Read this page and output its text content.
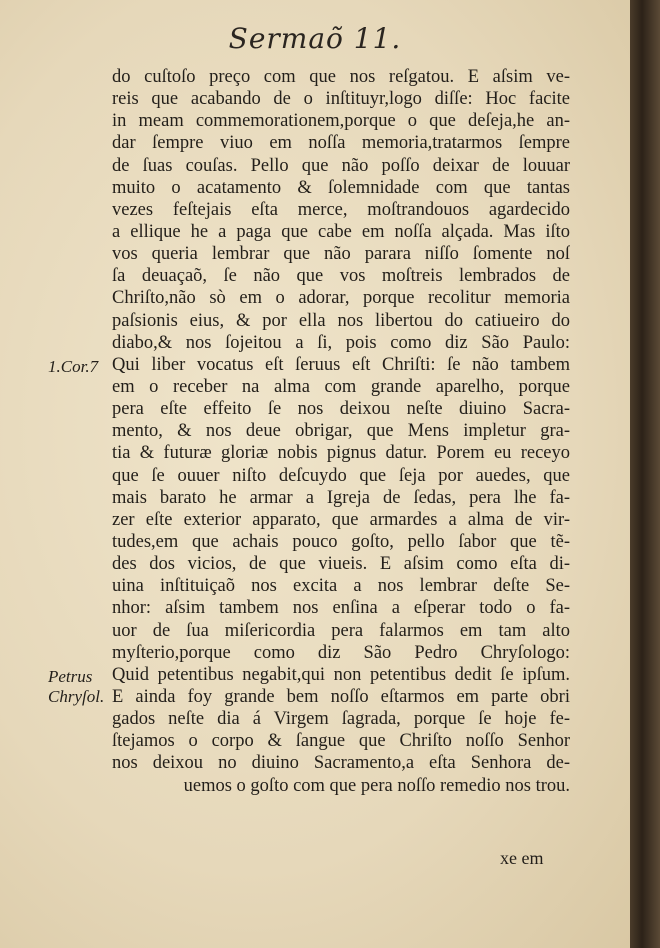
Sermaõ 11.
1.Cor.7
Petrus
Chryſol.
do cuſtoſo preço com que nos reſgatou. E aſsim ve-
reis que acabando de o inſtituyr,logo diſſe: Hoc facite
in meam commemorationem,porque o que deſeja,he an-
dar ſempre viuo em noſſa memoria,tratarmos ſempre
de ſuas couſas. Pello que não poſſo deixar de louuar
muito o acatamento & ſolemnidade com que tantas
vezes feſtejais eſta merce, moſtrandouos agardecido
a ellique he a paga que cabe em noſſa alçada. Mas iſto
vos queria lembrar que não parara niſſo ſomente noſ
ſa deuaçaõ, ſe não que vos moſtreis lembrados de
Chriſto,não sò em o adorar, porque recolitur memoria
paſsionis eius, & por ella nos libertou do catiueiro do
diabo,& nos ſojeitou a ſi, pois como diz São Paulo:
Qui liber vocatus eſt ſeruus eſt Chriſti: ſe não tambem
em o receber na alma com grande aparelho, porque
pera eſte effeito ſe nos deixou neſte diuino Sacra-
mento, & nos deue obrigar, que Mens impletur gra-
tia & futuræ gloriæ nobis pignus datur. Porem eu receyo
que ſe ouuer niſto deſcuydo que ſeja por auedes, que
mais barato he armar a Igreja de ſedas, pera lhe fa-
zer eſte exterior apparato, que armardes a alma de vir-
tudes,em que achais pouco goſto, pello ſabor que tẽ-
des dos vicios, de que viueis. E aſsim como eſta di-
uina inſtituiçaõ nos excita a nos lembrar deſte Se-
nhor: aſsim tambem nos enſina a eſperar todo o fa-
uor de ſua miſericordia pera falarmos em tam alto
myſterio,porque como diz São Pedro Chryſologo:
Quid petentibus negabit,qui non petentibus dedit ſe ipſum.
E ainda foy grande bem noſſo eſtarmos em parte obri
gados neſte dia á Virgem ſagrada, porque ſe hoje fe-
ſtejamos o corpo & ſangue que Chriſto noſſo Senhor
nos deixou no diuino Sacramento,a eſta Senhora de-
uemos o goſto com que pera noſſo remedio nos trou.
xe em
